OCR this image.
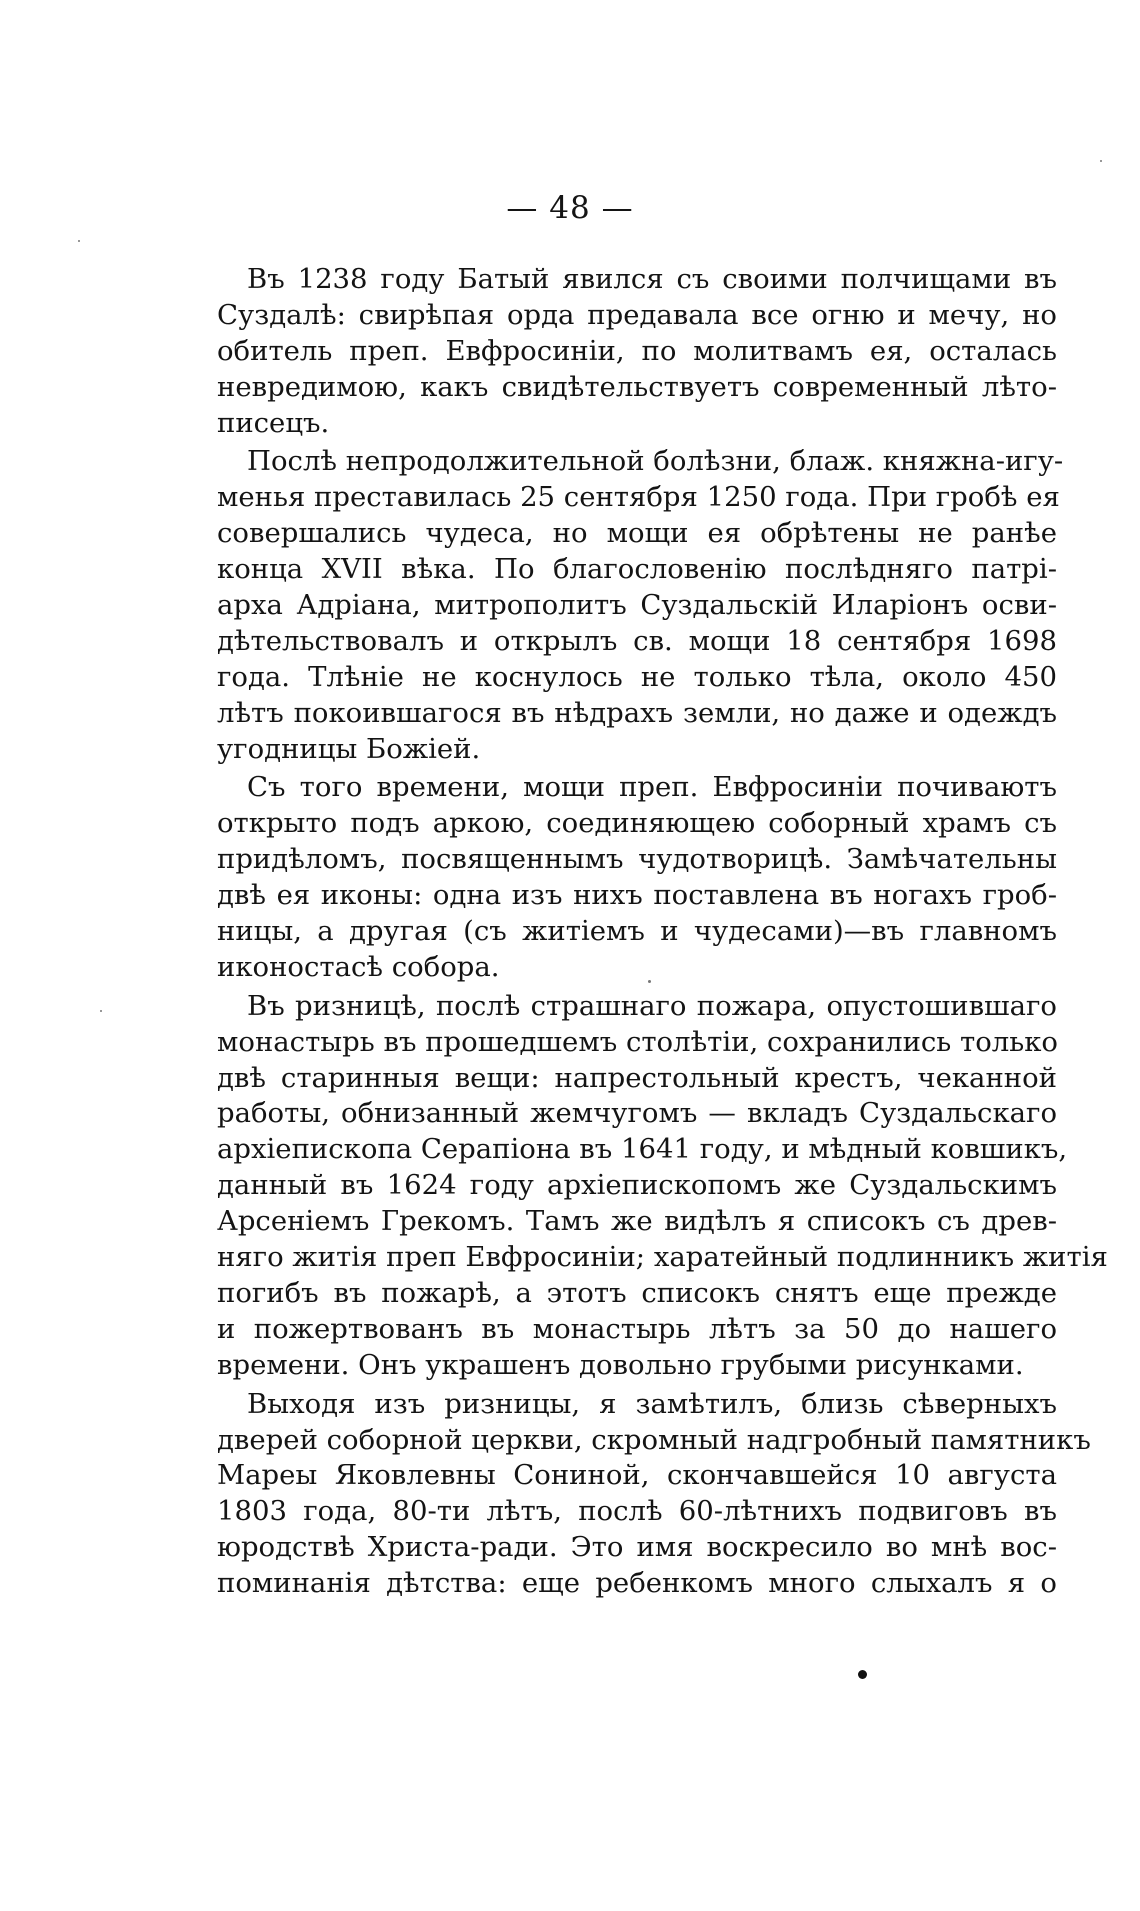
— 48 —
Въ 1238 году Батый явился съ своими полчищами въ
Суздалѣ: свирѣпая орда предавала все огню и мечу, но
обитель преп. Евфросиніи, по молитвамъ ея, осталась
невредимою, какъ свидѣтельствуетъ современный лѣто-
писецъ.
Послѣ непродолжительной болѣзни, блаж. княжна-игу-
менья преставилась 25 сентября 1250 года. При гробѣ ея
совершались чудеса, но мощи ея обрѣтены не ранѣе
конца XVII вѣка. По благословенію послѣдняго патрі-
арха Адріана, митрополитъ Суздальскій Иларіонъ осви-
дѣтельствовалъ и открылъ св. мощи 18 сентября 1698
года. Тлѣніе не коснулось не только тѣла, около 450
лѣтъ покоившагося въ нѣдрахъ земли, но даже и одеждъ
угодницы Божіей.
Съ того времени, мощи преп. Евфросиніи почиваютъ
открыто подъ аркою, соединяющею соборный храмъ съ
придѣломъ, посвященнымъ чудотворицѣ. Замѣчательны
двѣ ея иконы: одна изъ нихъ поставлена въ ногахъ гроб-
ницы, а другая (съ житіемъ и чудесами)—въ главномъ
иконостасѣ собора.
Въ ризницѣ, послѣ страшнаго пожара, опустошившаго
монастырь въ прошедшемъ столѣтіи, сохранились только
двѣ старинныя вещи: напрестольный крестъ, чеканной
работы, обнизанный жемчугомъ — вкладъ Суздальскаго
архіепископа Серапіона въ 1641 году, и мѣдный ковшикъ,
данный въ 1624 году архіепископомъ же Суздальскимъ
Арсеніемъ Грекомъ. Тамъ же видѣлъ я списокъ съ древ-
няго житія преп Евфросиніи; харатейный подлинникъ житія
погибъ въ пожарѣ, а этотъ списокъ снятъ еще прежде
и пожертвованъ въ монастырь лѣтъ за 50 до нашего
времени. Онъ украшенъ довольно грубыми рисунками.
Выходя изъ ризницы, я замѣтилъ, близь сѣверныхъ
дверей соборной церкви, скромный надгробный памятникъ
Мареы Яковлевны Сониной, скончавшейся 10 августа
1803 года, 80-ти лѣтъ, послѣ 60-лѣтнихъ подвиговъ въ
юродствѣ Христа-ради. Это имя воскресило во мнѣ вос-
поминанія дѣтства: еще ребенкомъ много слыхалъ я о
